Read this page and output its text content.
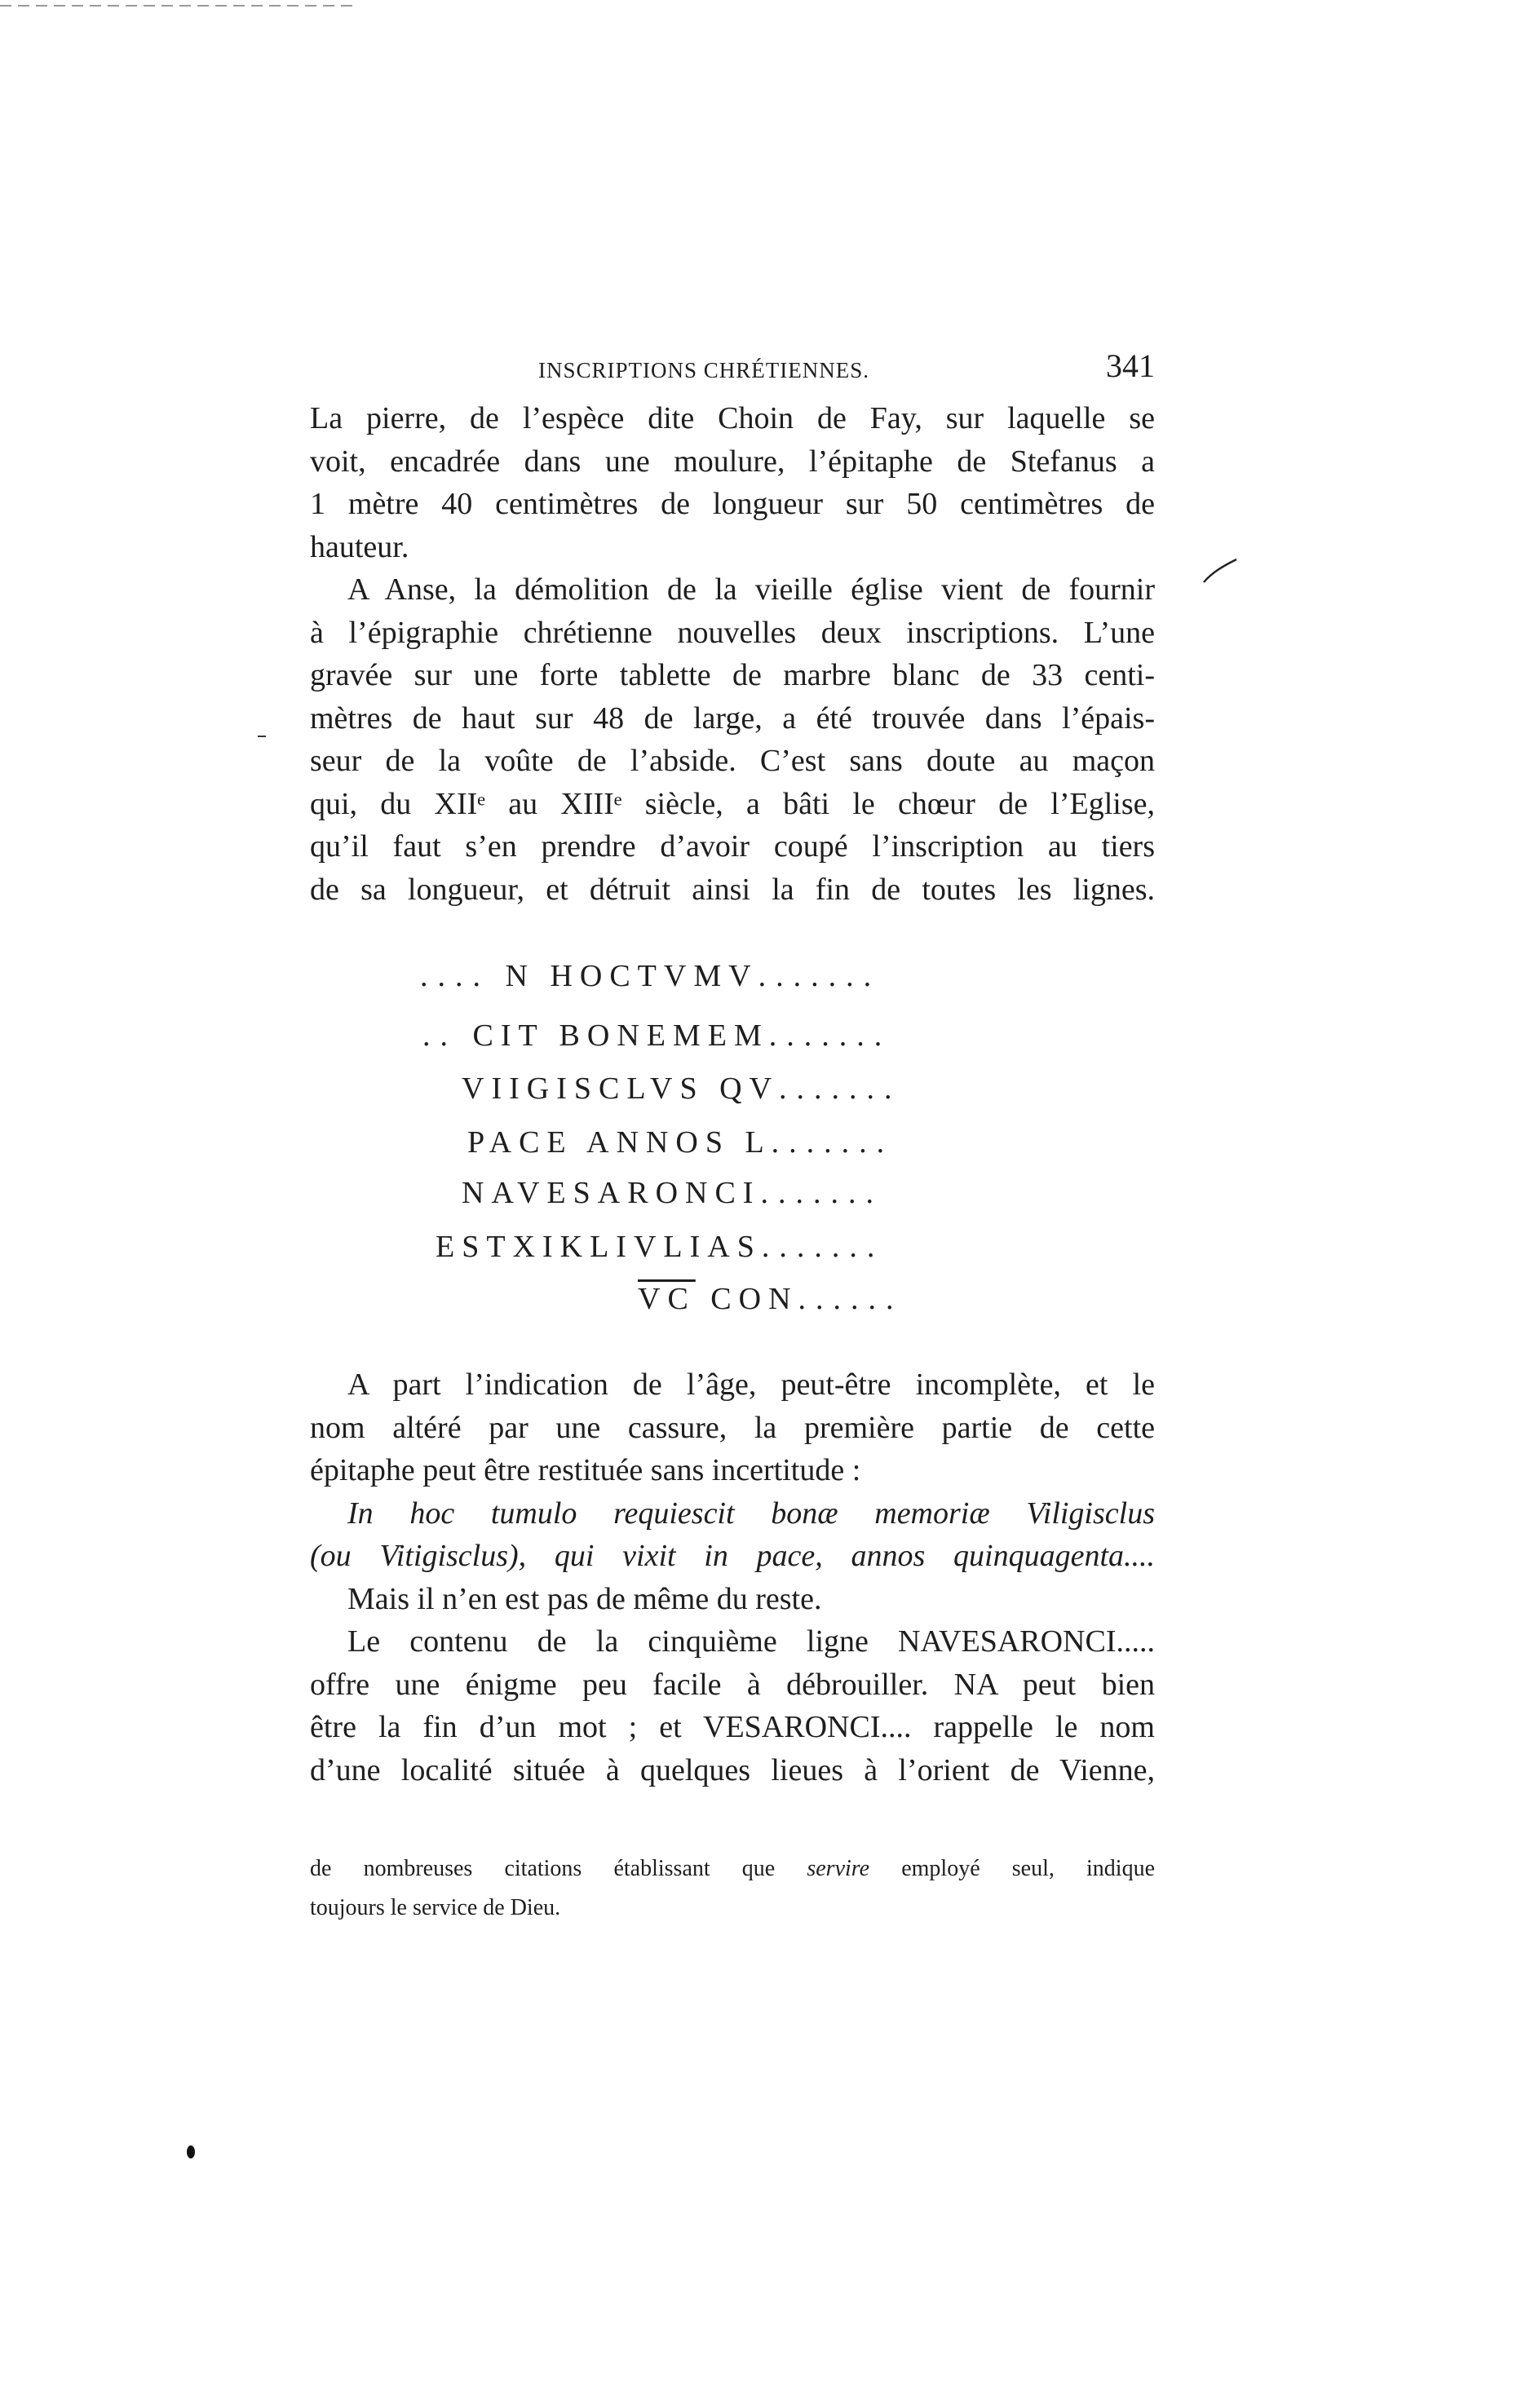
INSCRIPTIONS CHRÉTIENNES.	341
La pierre, de l’espèce dite Choin de Fay, sur laquelle se
voit, encadrée dans une moulure, l’épitaphe de Stefanus a
1 mètre 40 centimètres de longueur sur 50 centimètres de
hauteur.
A Anse, la démolition de la vieille église vient de fournir
à l’épigraphie chrétienne nouvelles deux inscriptions. L’une
gravée sur une forte tablette de marbre blanc de 33 centi-
mètres de haut sur 48 de large, a été trouvée dans l’épais-
seur de la voûte de l’abside. C’est sans doute au maçon
qui, du XIIᵉ au XIIIᵉ siècle, a bâti le chœur de l’Eglise,
qu’il faut s’en prendre d’avoir coupé l’inscription au tiers
de sa longueur, et détruit ainsi la fin de toutes les lignes.
.... N HOCTVMV.......
.. CIT BONEMEM.......
VIIGISCLVS QV.......
PACE ANNOS L.......
NAVESARONCI.......
ESTXIKLIVLIAS.......
$\overline{VC}$ CON......
A part l’indication de l’âge, peut-être incomplète, et le
nom altéré par une cassure, la première partie de cette
épitaphe peut être restituée sans incertitude :
In hoc tumulo requiescit bonæ memoriæ Viligisclus
(ou Vitigisclus), qui vixit in pace, annos quinquagenta....
Mais il n’en est pas de même du reste.
Le contenu de la cinquième ligne NAVESARONCI.....
offre une énigme peu facile à débrouiller. NA peut bien
être la fin d’un mot ; et VESARONCI.... rappelle le nom
d’une localité située à quelques lieues à l’orient de Vienne,
de nombreuses citations établissant que servire employé seul, indique
toujours le service de Dieu.
